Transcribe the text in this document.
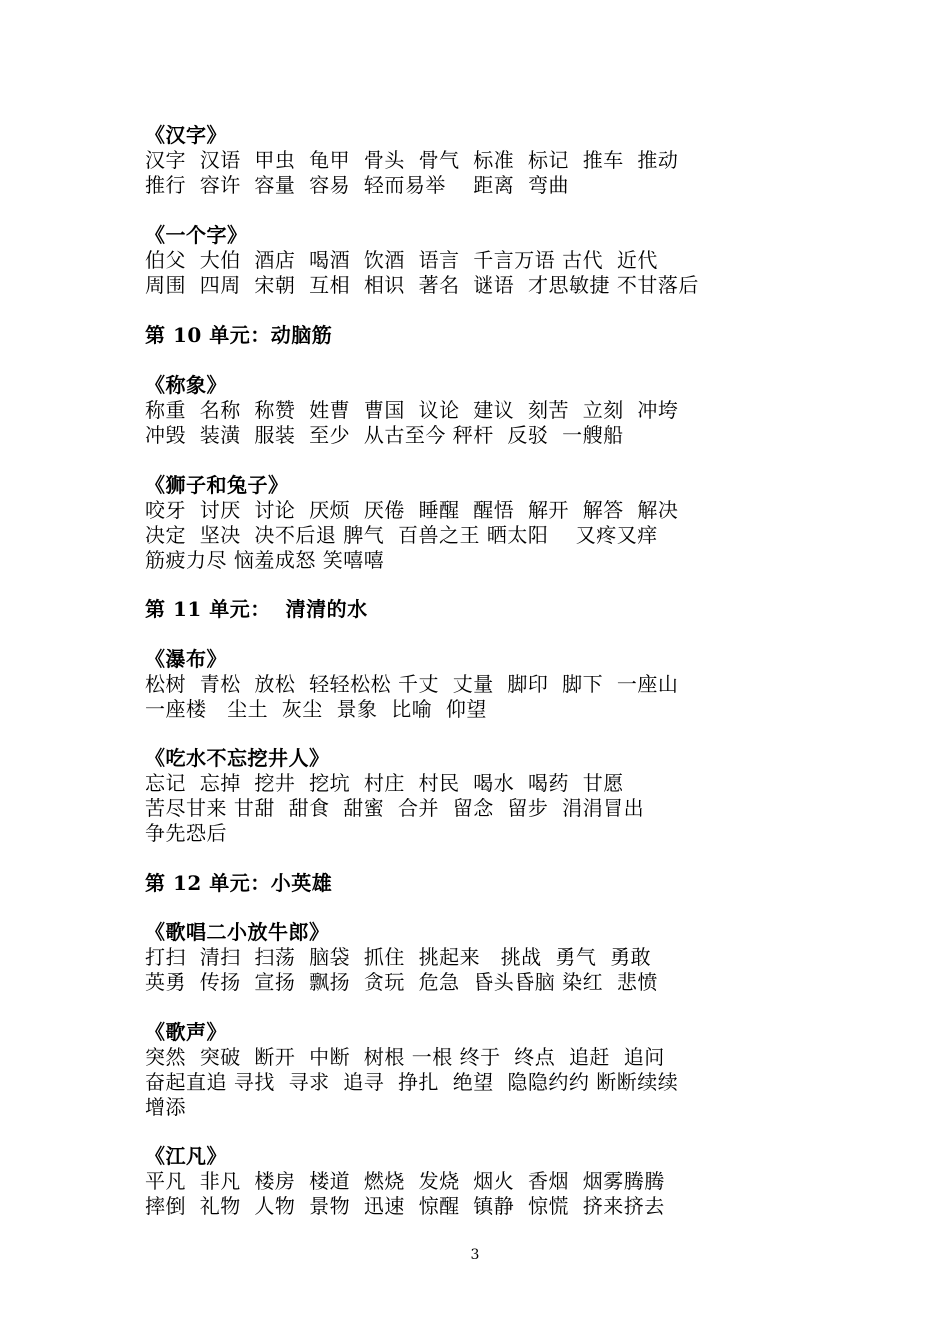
《汉字》

汉字  汉语  甲虫  龟甲  骨头  骨气  标准  标记  推车  推动

推行  容许  容量  容易  轻而易举    距离  弯曲

《一个字》

伯父  大伯  酒店  喝酒  饮酒  语言  千言万语 古代  近代

周围  四周  宋朝  互相  相识  著名  谜语  才思敏捷 不甘落后

第 10 单元：动脑筋

《称象》

称重  名称  称赞  姓曹  曹国  议论  建议  刻苦  立刻  冲垮

冲毁  装潢  服装  至少  从古至今 秤杆  反驳  一艘船

《狮子和兔子》

咬牙  讨厌  讨论  厌烦  厌倦  睡醒  醒悟  解开  解答  解决

决定  坚决  决不后退 脾气  百兽之王 晒太阳    又疼又痒

筋疲力尽 恼羞成怒 笑嘻嘻

第 11 单元：  清清的水

《瀑布》

松树  青松  放松  轻轻松松 千丈  丈量  脚印  脚下  一座山

一座楼   尘土  灰尘  景象  比喻  仰望

《吃水不忘挖井人》

忘记  忘掉  挖井  挖坑  村庄  村民  喝水  喝药  甘愿

苦尽甘来 甘甜  甜食  甜蜜  合并  留念  留步  涓涓冒出

争先恐后

第 12 单元：小英雄

《歌唱二小放牛郎》

打扫  清扫  扫荡  脑袋  抓住  挑起来   挑战  勇气  勇敢

英勇  传扬  宣扬  飘扬  贪玩  危急  昏头昏脑 染红  悲愤

《歌声》

突然  突破  断开  中断  树根 一根 终于  终点  追赶  追问

奋起直追 寻找  寻求  追寻  挣扎  绝望  隐隐约约 断断续续

增添

《江凡》

平凡  非凡  楼房  楼道  燃烧  发烧  烟火  香烟  烟雾腾腾

摔倒  礼物  人物  景物  迅速  惊醒  镇静  惊慌  挤来挤去

3
